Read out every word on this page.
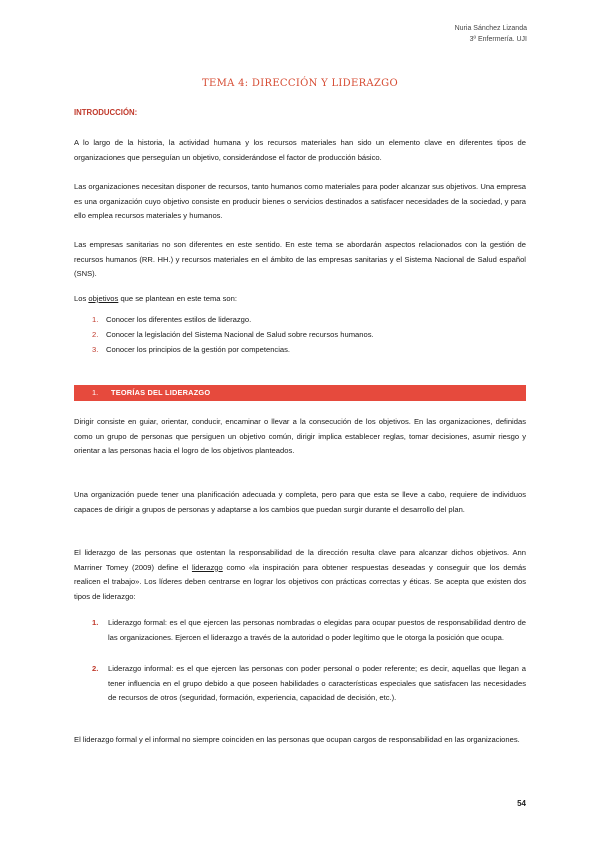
Nuria Sánchez Lizanda
3º Enfermería. UJI
TEMA 4: DIRECCIÓN Y LIDERAZGO
INTRODUCCIÓN:

A lo largo de la historia, la actividad humana y los recursos materiales han sido un elemento clave en diferentes tipos de organizaciones que perseguían un objetivo, considerándose el factor de producción básico.

Las organizaciones necesitan disponer de recursos, tanto humanos como materiales para poder alcanzar sus objetivos. Una empresa es una organización cuyo objetivo consiste en producir bienes o servicios destinados a satisfacer necesidades de la sociedad, y para ello emplea recursos materiales y humanos.

Las empresas sanitarias no son diferentes en este sentido. En este tema se abordarán aspectos relacionados con la gestión de recursos humanos (RR. HH.) y recursos materiales en el ámbito de las empresas sanitarias y el Sistema Nacional de Salud español (SNS).

Los objetivos que se plantean en este tema son:

1. Conocer los diferentes estilos de liderazgo.
2. Conocer la legislación del Sistema Nacional de Salud sobre recursos humanos.
3. Conocer los principios de la gestión por competencias.
1. TEORÍAS DEL LIDERAZGO

Dirigir consiste en guiar, orientar, conducir, encaminar o llevar a la consecución de los objetivos. En las organizaciones, definidas como un grupo de personas que persiguen un objetivo común, dirigir implica establecer reglas, tomar decisiones, asumir riesgo y orientar a las personas hacia el logro de los objetivos planteados.

Una organización puede tener una planificación adecuada y completa, pero para que esta se lleve a cabo, requiere de individuos capaces de dirigir a grupos de personas y adaptarse a los cambios que puedan surgir durante el desarrollo del plan.

El liderazgo de las personas que ostentan la responsabilidad de la dirección resulta clave para alcanzar dichos objetivos. Ann Marriner Tomey (2009) define el liderazgo como «la inspiración para obtener respuestas deseadas y conseguir que los demás realicen el trabajo». Los líderes deben centrarse en lograr los objetivos con prácticas correctas y éticas. Se acepta que existen dos tipos de liderazgo:

1. Liderazgo formal: es el que ejercen las personas nombradas o elegidas para ocupar puestos de responsabilidad dentro de las organizaciones. Ejercen el liderazgo a través de la autoridad o poder legítimo que le otorga la posición que ocupa.
2. Liderazgo informal: es el que ejercen las personas con poder personal o poder referente; es decir, aquellas que llegan a tener influencia en el grupo debido a que poseen habilidades o características especiales que satisfacen las necesidades de recursos de otros (seguridad, formación, experiencia, capacidad de decisión, etc.).

El liderazgo formal y el informal no siempre coinciden en las personas que ocupan cargos de responsabilidad en las organizaciones.

54
